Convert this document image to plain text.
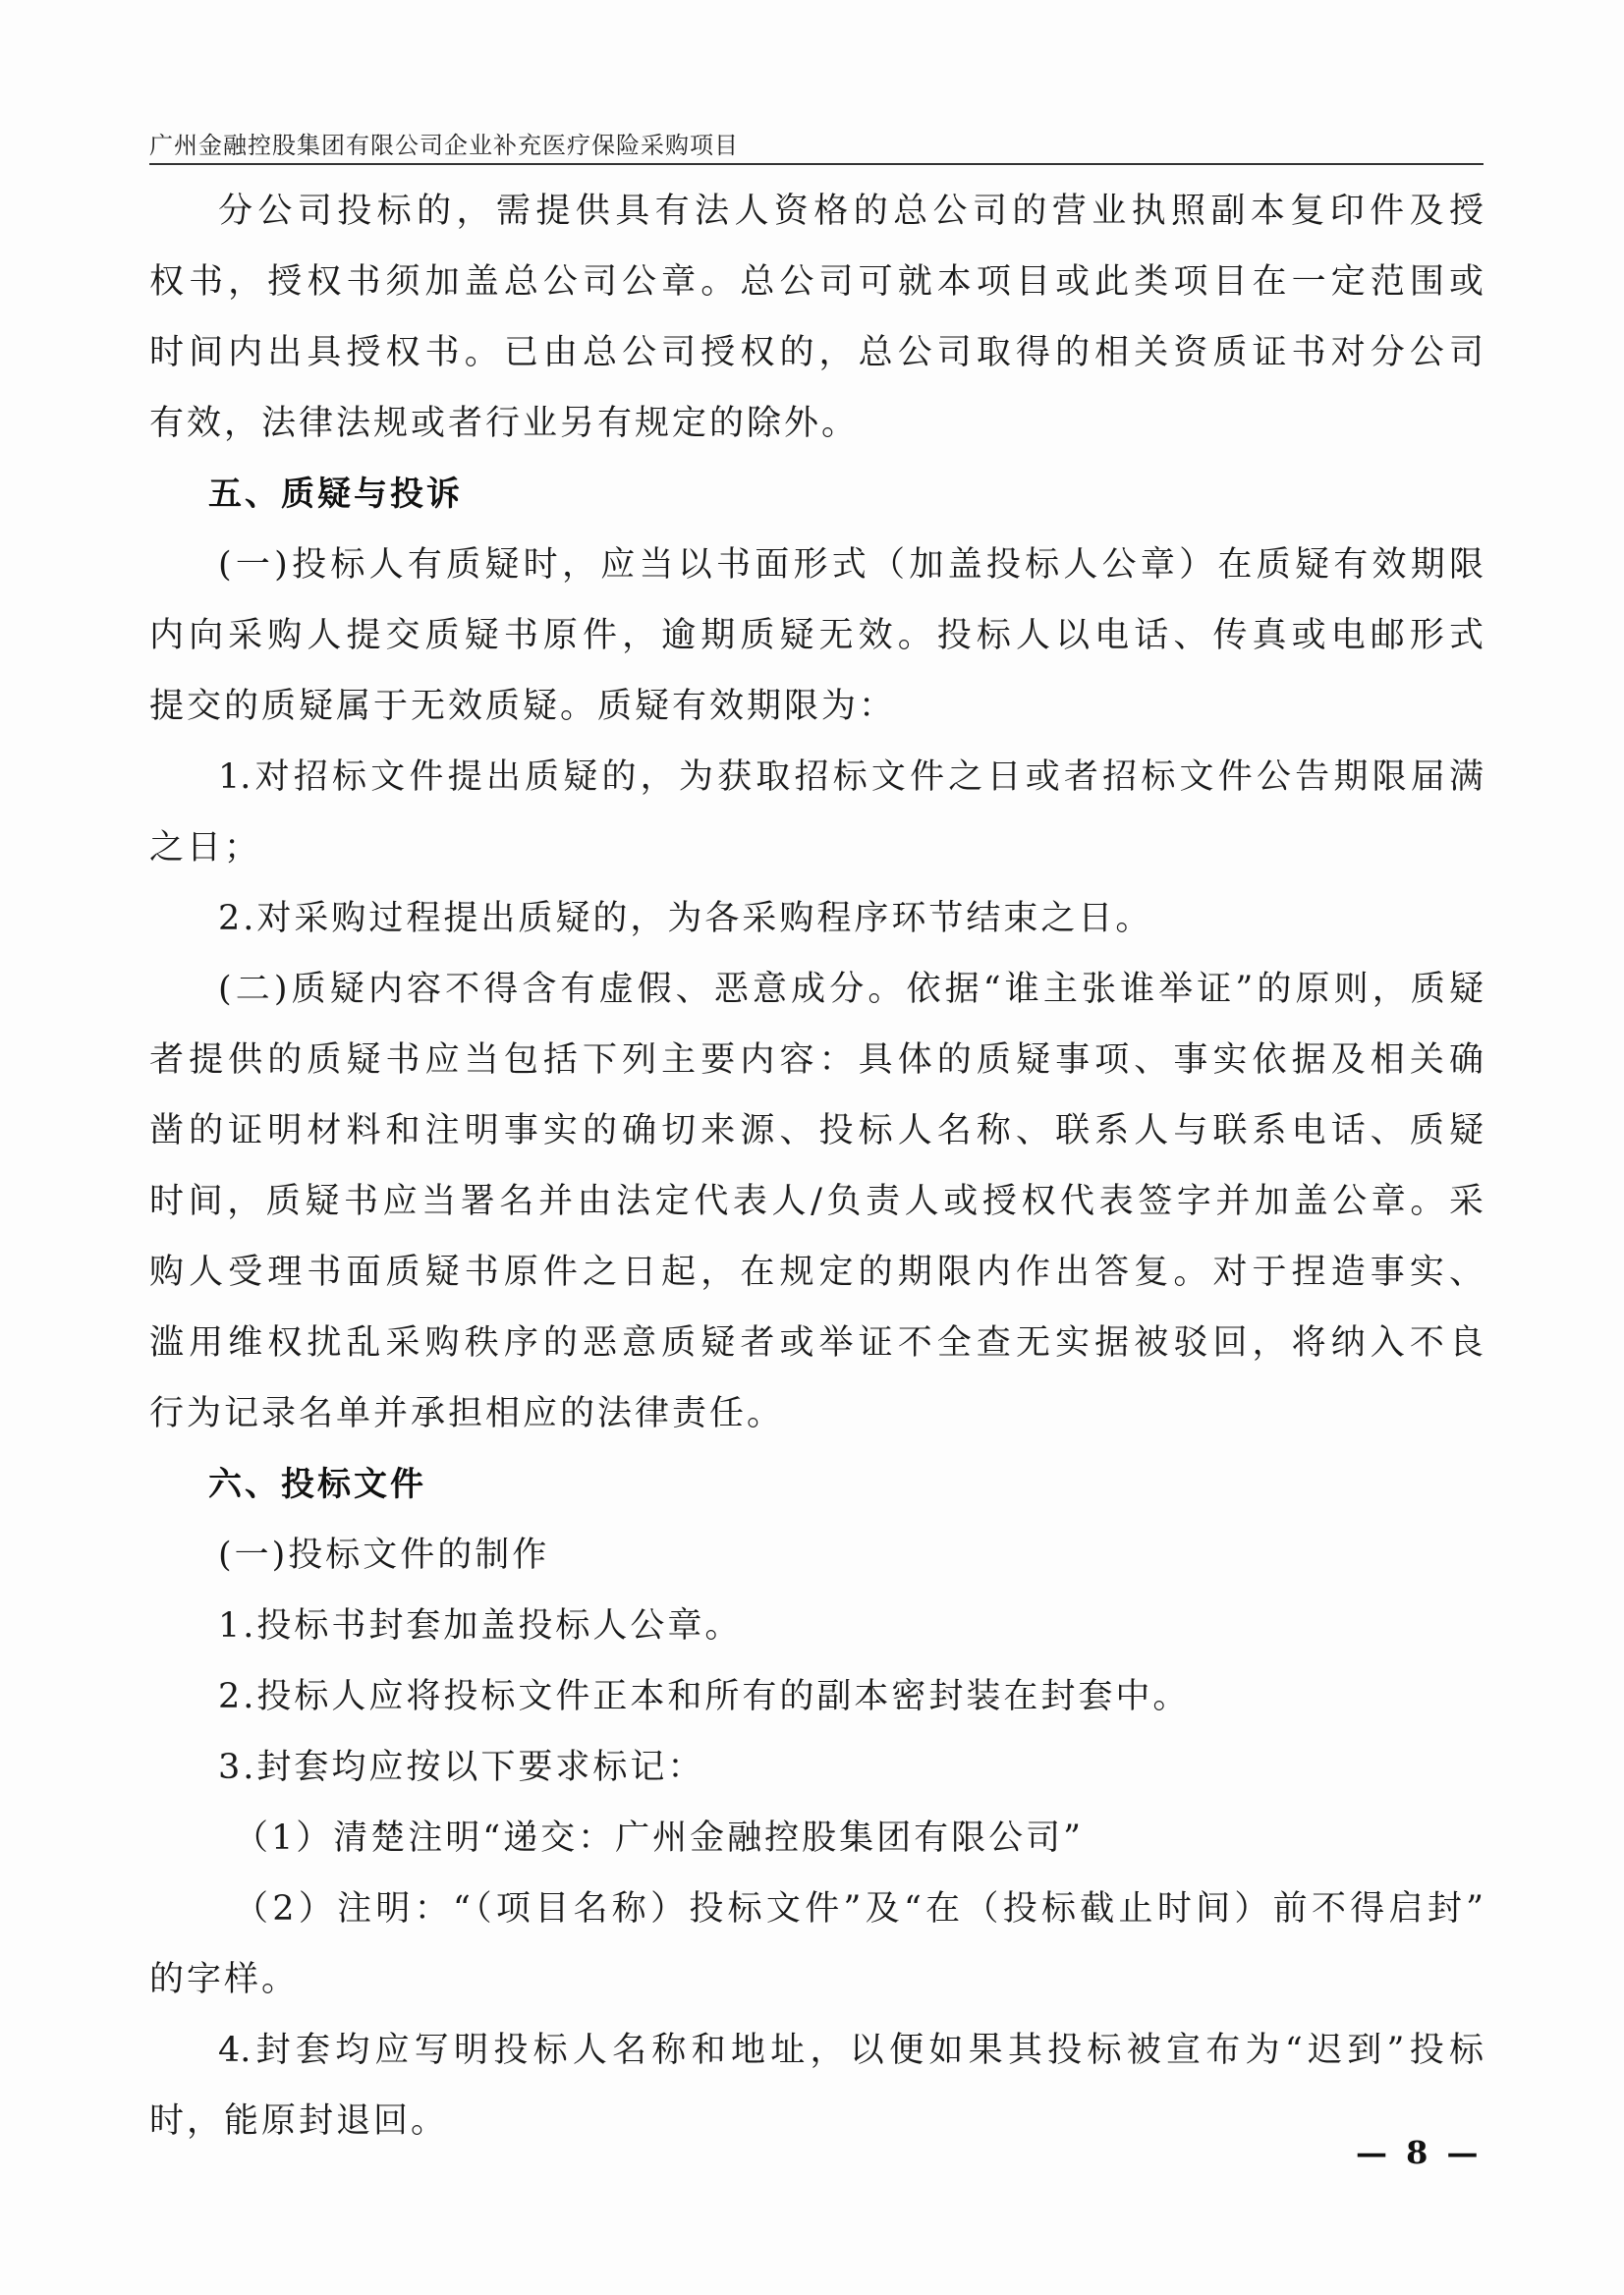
广州金融控股集团有限公司企业补充医疗保险采购项目
分公司投标的，需提供具有法人资格的总公司的营业执照副本复印件及授
权书，授权书须加盖总公司公章。总公司可就本项目或此类项目在一定范围或
时间内出具授权书。已由总公司授权的，总公司取得的相关资质证书对分公司
有效，法律法规或者行业另有规定的除外。
五、质疑与投诉
(一)投标人有质疑时，应当以书面形式（加盖投标人公章）在质疑有效期限
内向采购人提交质疑书原件，逾期质疑无效。投标人以电话、传真或电邮形式
提交的质疑属于无效质疑。质疑有效期限为：
1.对招标文件提出质疑的，为获取招标文件之日或者招标文件公告期限届满
之日；
2.对采购过程提出质疑的，为各采购程序环节结束之日。
(二)质疑内容不得含有虚假、恶意成分。依据“谁主张谁举证”的原则，质疑
者提供的质疑书应当包括下列主要内容：具体的质疑事项、事实依据及相关确
凿的证明材料和注明事实的确切来源、投标人名称、联系人与联系电话、质疑
时间，质疑书应当署名并由法定代表人/负责人或授权代表签字并加盖公章。采
购人受理书面质疑书原件之日起，在规定的期限内作出答复。对于捏造事实、
滥用维权扰乱采购秩序的恶意质疑者或举证不全查无实据被驳回，将纳入不良
行为记录名单并承担相应的法律责任。
六、投标文件
(一)投标文件的制作
1.投标书封套加盖投标人公章。
2.投标人应将投标文件正本和所有的副本密封装在封套中。
3.封套均应按以下要求标记：
（1）清楚注明“递交：广州金融控股集团有限公司”
（2）注明：“（项目名称）投标文件”及“在（投标截止时间）前不得启封”
的字样。
4.封套均应写明投标人名称和地址，以便如果其投标被宣布为“迟到”投标
时，能原封退回。
— 8 —
